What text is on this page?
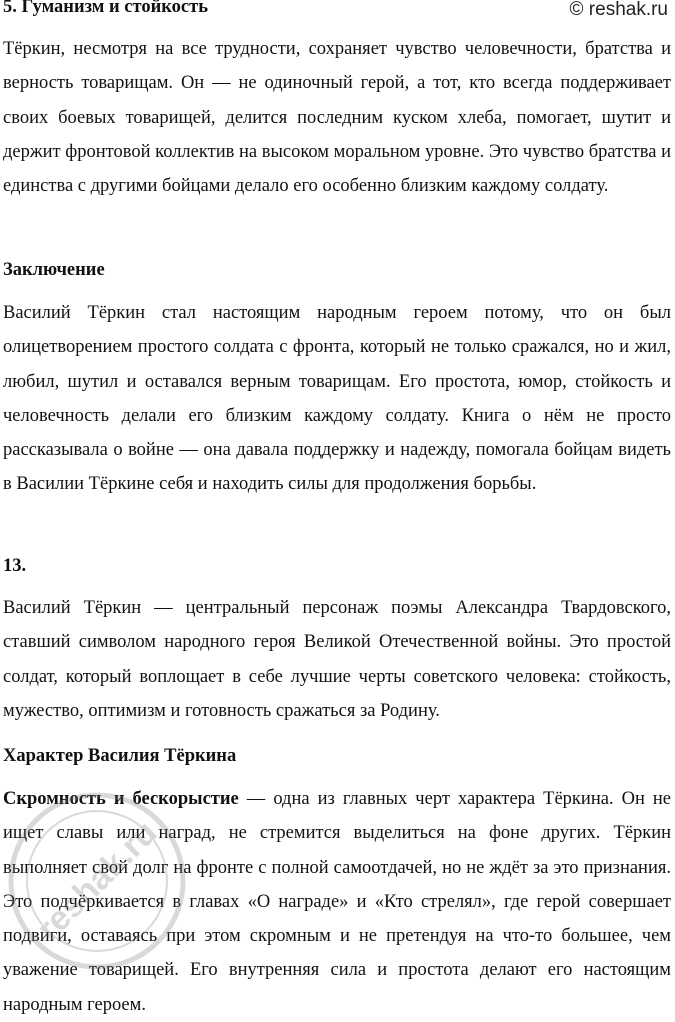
© reshak.ru
5. Гуманизм и стойкость

Тёркин, несмотря на все трудности, сохраняет чувство человечности, братства и верность товарищам. Он — не одиночный герой, а тот, кто всегда поддерживает своих боевых товарищей, делится последним куском хлеба, помогает, шутит и держит фронтовой коллектив на высоком моральном уровне. Это чувство братства и единства с другими бойцами делало его особенно близким каждому солдату.

Заключение

Василий Тёркин стал настоящим народным героем потому, что он был олицетворением простого солдата с фронта, который не только сражался, но и жил, любил, шутил и оставался верным товарищам. Его простота, юмор, стойкость и человечность делали его близким каждому солдату. Книга о нём не просто рассказывала о войне — она давала поддержку и надежду, помогала бойцам видеть в Василии Тёркине себя и находить силы для продолжения борьбы.

13.

Василий Тёркин — центральный персонаж поэмы Александра Твардовского, ставший символом народного героя Великой Отечественной войны. Это простой солдат, который воплощает в себе лучшие черты советского человека: стойкость, мужество, оптимизм и готовность сражаться за Родину.

Характер Василия Тёркина

Скромность и бескорыстие — одна из главных черт характера Тёркина. Он не ищет славы или наград, не стремится выделиться на фоне других. Тёркин выполняет свой долг на фронте с полной самоотдачей, но не ждёт за это признания. Это подчёркивается в главах «О награде» и «Кто стрелял», где герой совершает подвиги, оставаясь при этом скромным и не претендуя на что-то большее, чем уважение товарищей. Его внутренняя сила и простота делают его настоящим народным героем.

reshak.ru
